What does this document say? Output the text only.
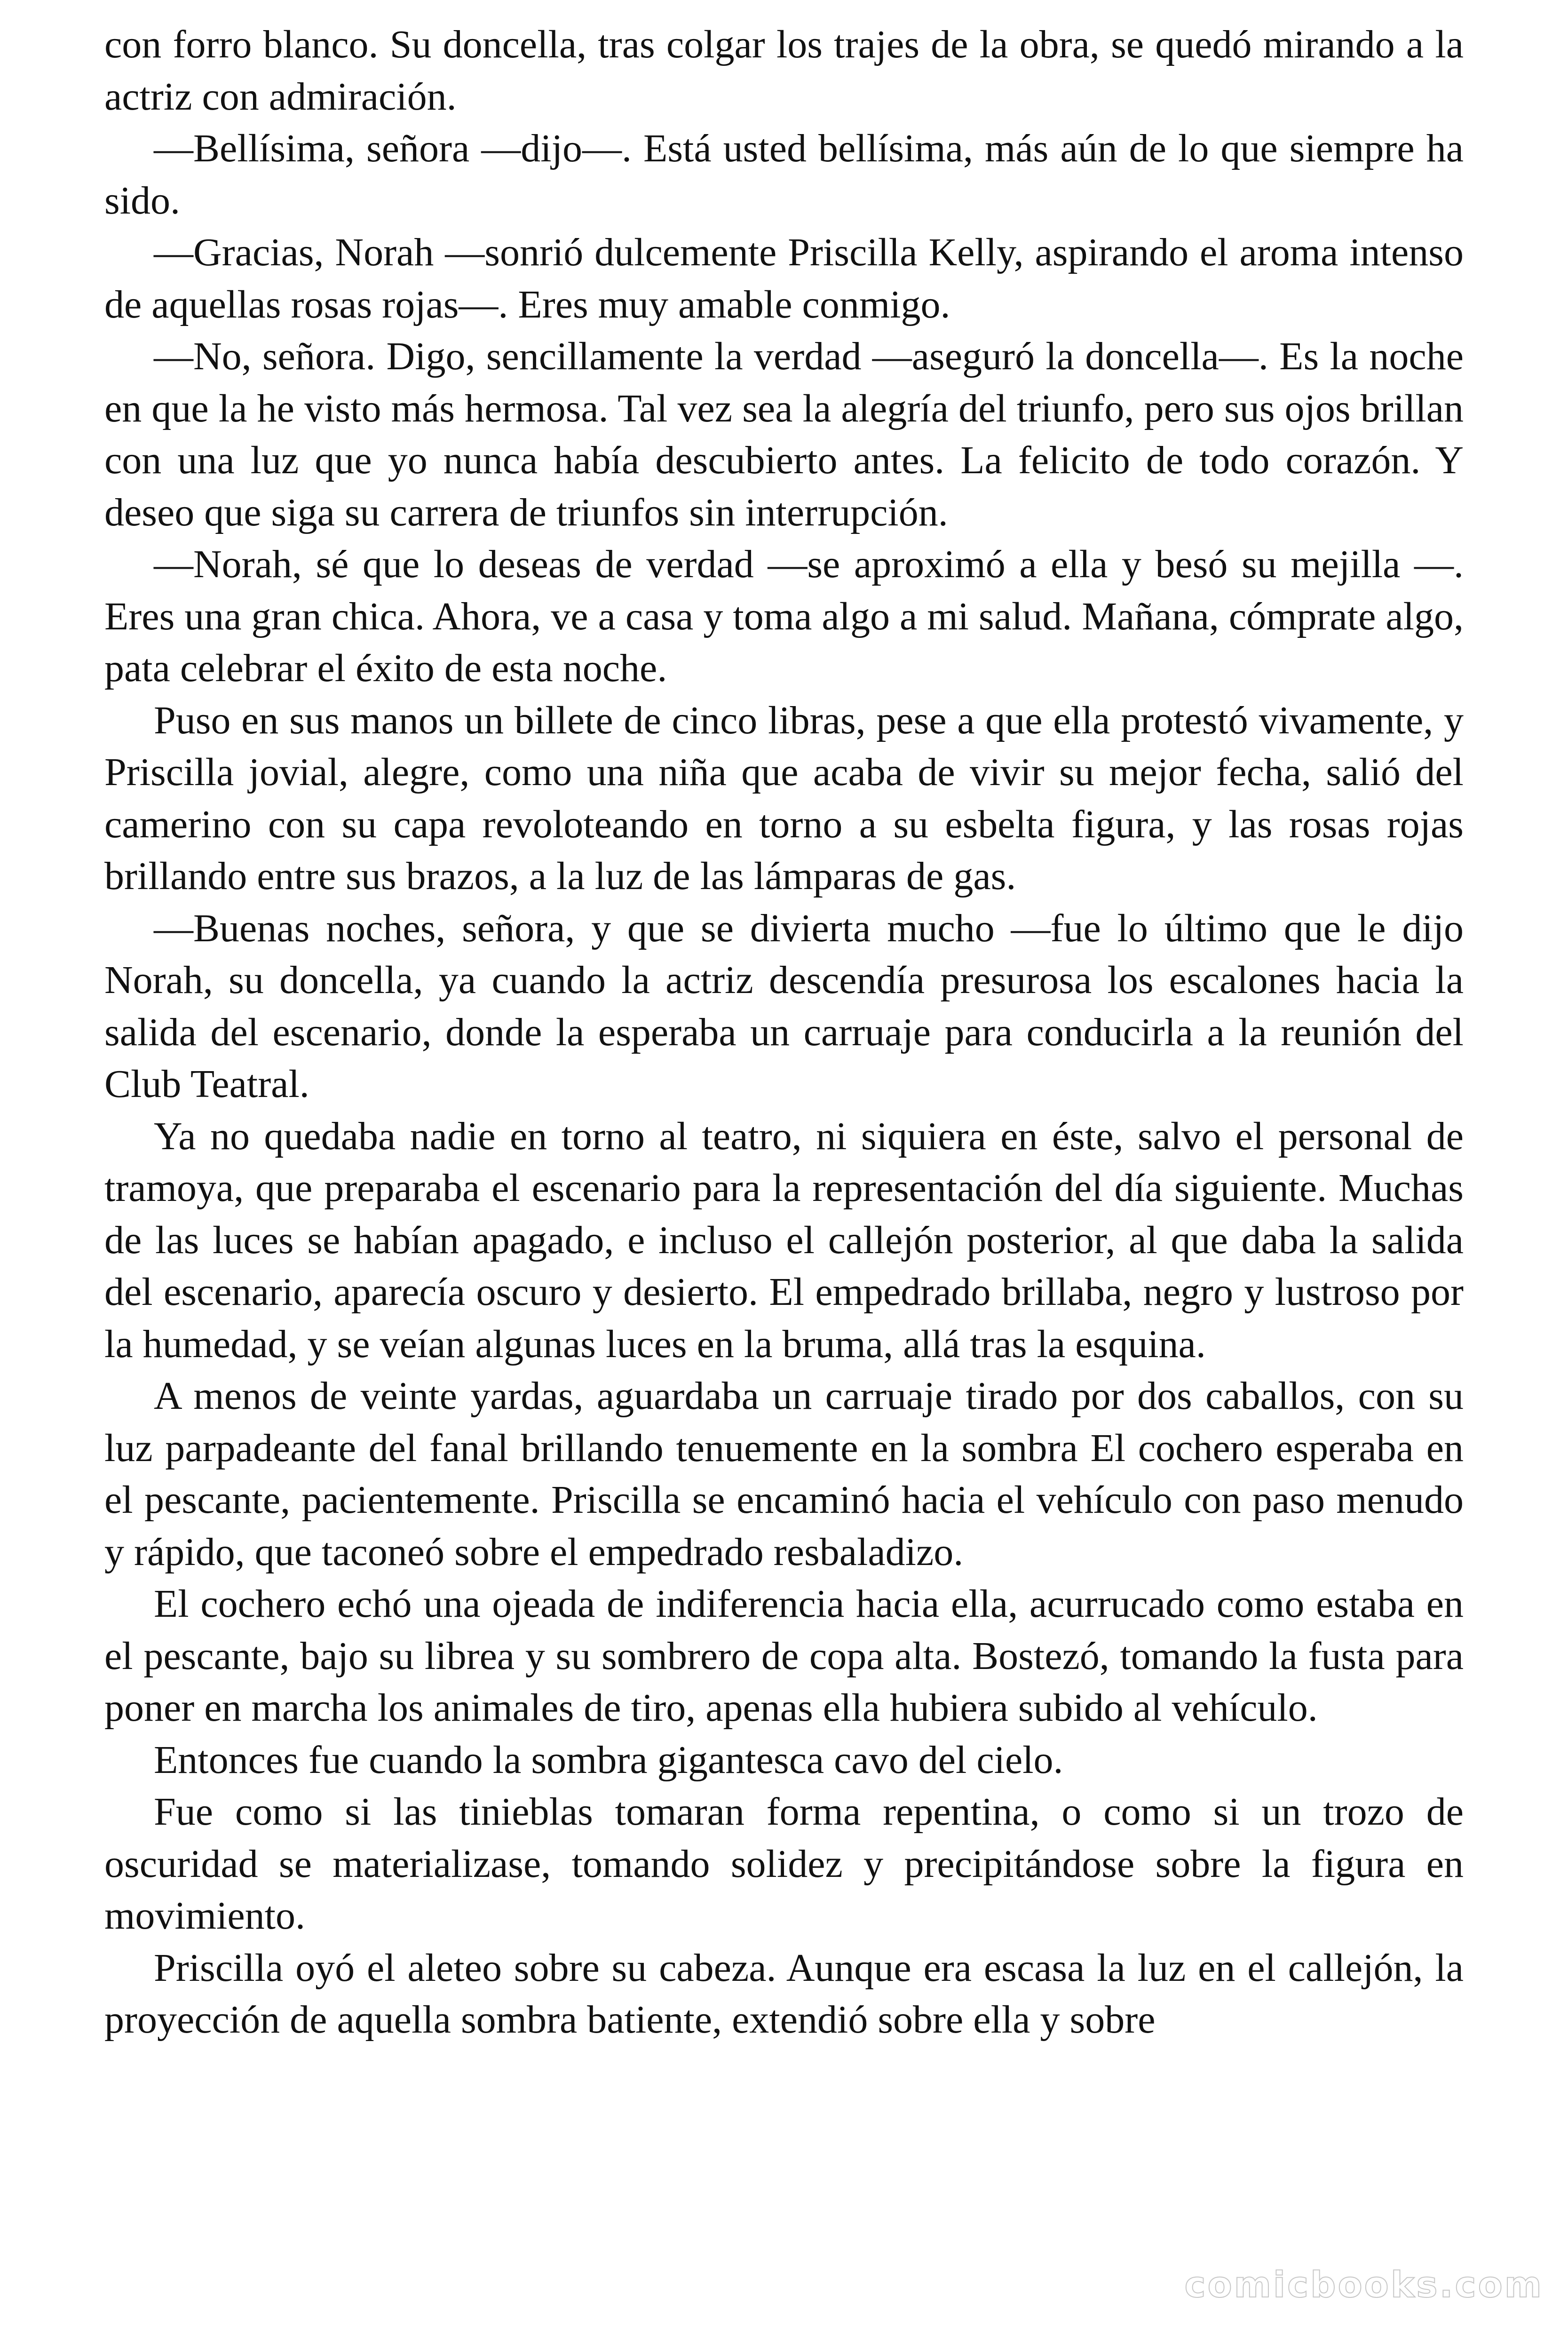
con forro blanco. Su doncella, tras colgar los trajes de la obra, se quedó mirando a la actriz con admiración.

—Bellísima, señora —dijo—. Está usted bellísima, más aún de lo que siempre ha sido.

—Gracias, Norah —sonrió dulcemente Priscilla Kelly, aspirando el aroma intenso de aquellas rosas rojas—. Eres muy amable conmigo.

—No, señora. Digo, sencillamente la verdad —aseguró la doncella—. Es la noche en que la he visto más hermosa. Tal vez sea la alegría del triunfo, pero sus ojos brillan con una luz que yo nunca había descubierto antes. La felicito de todo corazón. Y deseo que siga su carrera de triunfos sin interrupción.

—Norah, sé que lo deseas de verdad —se aproximó a ella y besó su mejilla —. Eres una gran chica. Ahora, ve a casa y toma algo a mi salud. Mañana, cómprate algo, pata celebrar el éxito de esta noche.

Puso en sus manos un billete de cinco libras, pese a que ella protestó vivamente, y Priscilla jovial, alegre, como una niña que acaba de vivir su mejor fecha, salió del camerino con su capa revoloteando en torno a su esbelta figura, y las rosas rojas brillando entre sus brazos, a la luz de las lámparas de gas.

—Buenas noches, señora, y que se divierta mucho —fue lo último que le dijo Norah, su doncella, ya cuando la actriz descendía presurosa los escalones hacia la salida del escenario, donde la esperaba un carruaje para conducirla a la reunión del Club Teatral.

Ya no quedaba nadie en torno al teatro, ni siquiera en éste, salvo el personal de tramoya, que preparaba el escenario para la representación del día siguiente. Muchas de las luces se habían apagado, e incluso el callejón posterior, al que daba la salida del escenario, aparecía oscuro y desierto. El empedrado brillaba, negro y lustroso por la humedad, y se veían algunas luces en la bruma, allá tras la esquina.

A menos de veinte yardas, aguardaba un carruaje tirado por dos caballos, con su luz parpadeante del fanal brillando tenuemente en la sombra El cochero esperaba en el pescante, pacientemente. Priscilla se encaminó hacia el vehículo con paso menudo y rápido, que taconeó sobre el empedrado resbaladizo.

El cochero echó una ojeada de indiferencia hacia ella, acurrucado como estaba en el pescante, bajo su librea y su sombrero de copa alta. Bostezó, tomando la fusta para poner en marcha los animales de tiro, apenas ella hubiera subido al vehículo.

Entonces fue cuando la sombra gigantesca cavo del cielo.

Fue como si las tinieblas tomaran forma repentina, o como si un trozo de oscuridad se materializase, tomando solidez y precipitándose sobre la figura en movimiento.

Priscilla oyó el aleteo sobre su cabeza. Aunque era escasa la luz en el callejón, la proyección de aquella sombra batiente, extendió sobre ella y sobre

comicbooks.com
